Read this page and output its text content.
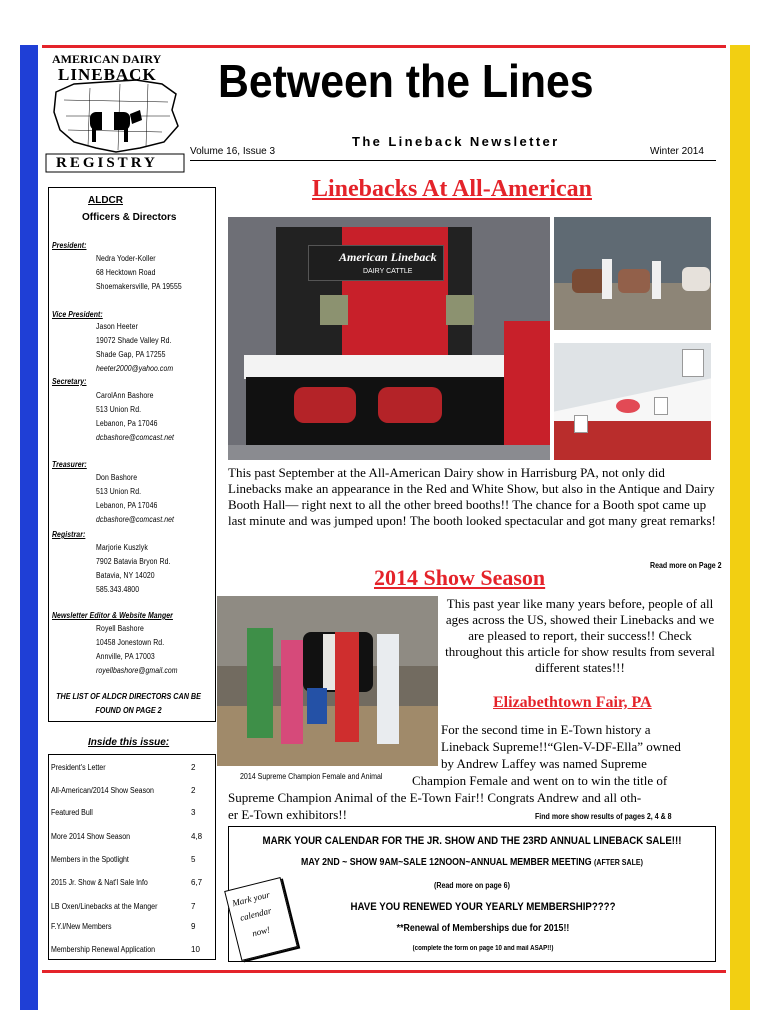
AMERICAN DAIRY
LINEBACK
REGISTRY
Between the Lines
Volume 16, Issue 3
The Lineback Newsletter
Winter 2014
ALDCR
Officers & Directors
President:
Nedra Yoder-Koller
68 Hecktown Road
Shoemakersville, PA 19555
Vice President:
Jason Heeter
19072 Shade Valley Rd.
Shade Gap, PA 17255
heeter2000@yahoo.com
Secretary:
CarolAnn Bashore
513 Union Rd.
Lebanon, Pa 17046
dcbashore@comcast.net
Treasurer:
Don Bashore
513 Union Rd.
Lebanon, PA 17046
dcbashore@comcast.net
Registrar:
Marjorie Kuszlyk
7902 Batavia Bryon Rd.
Batavia, NY 14020
585.343.4800
Newsletter Editor & Website Manger
Royell Bashore
10458 Jonestown Rd.
Annville, PA 17003
royellbashore@gmail.com
THE LIST OF ALDCR DIRECTORS CAN BE FOUND ON PAGE 2
Inside this issue:
President's Letter	2
All-American/2014 Show Season	2
Featured Bull	3
More 2014 Show Season	4,8
Members in the Spotlight	5
2015 Jr. Show & Nat'l Sale Info	6,7
LB Oxen/Linebacks at the Manger	7
F.Y.I/New Members	9
Membership Renewal Application	10
Linebacks At All-American
American Lineback
DAIRY CATTLE
This past September at the All-American Dairy show in Harrisburg PA, not only did Linebacks make an appearance in the Red and White Show, but also in the Antique and Dairy Booth Hall— right next to all the other breed booths!! The chance for a Booth spot came up last minute and was jumped upon! The booth looked spectacular and got many great remarks!
Read more on Page 2
2014 Show Season
2014 Supreme Champion Female and Animal
This past year like many years before, people of all ages across the US, showed their Linebacks and we are pleased to report, their success!! Check throughout this article for show results from several different states!!!
Elizabethtown Fair, PA
For the second time in E-Town history a
Lineback Supreme!!“Glen-V-DF-Ella” owned
by Andrew Laffey was named Supreme
Champion Female and went on to win the title of
Supreme Champion Animal of the E-Town Fair!! Congrats Andrew and all oth-
er E-Town exhibitors!!	Find more show results of pages 2, 4 & 8
MARK YOUR CALENDAR FOR THE JR. SHOW AND THE 23RD ANNUAL LINEBACK SALE!!!
MAY 2ND ~ SHOW 9AM~SALE 12NOON~ANNUAL MEMBER MEETING (AFTER SALE)
(Read more on page 6)
HAVE YOU RENEWED YOUR YEARLY MEMBERSHIP????
**Renewal of Memberships due for 2015!!
(complete the form on page 10 and mail ASAP!!)
Mark your
calendar
now!
